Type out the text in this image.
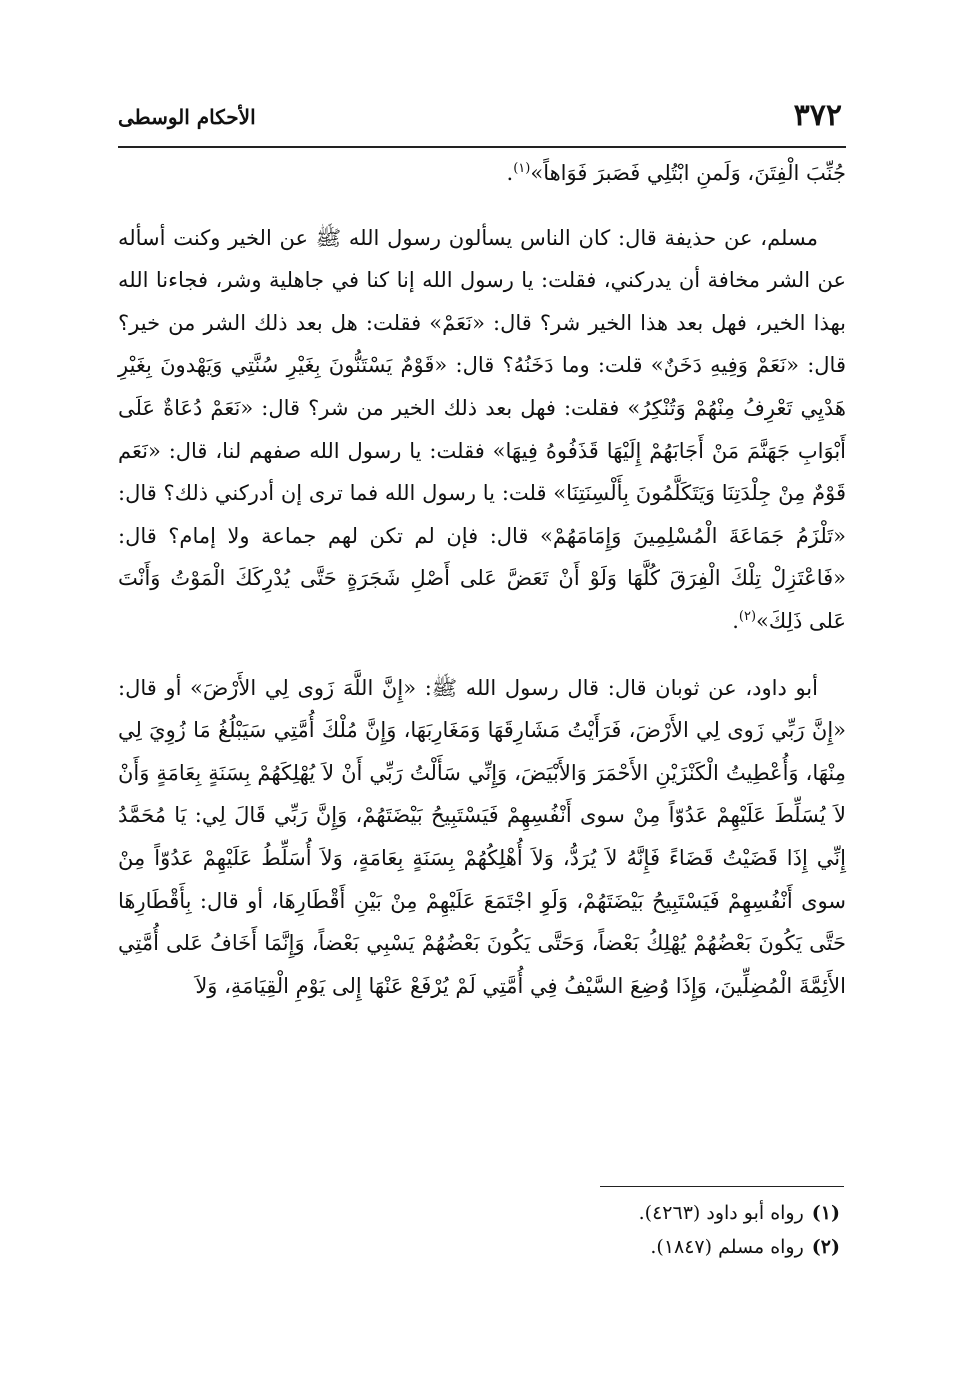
٣٧٢
الأحكام الوسطى

جُنِّبَ الْفِتَنَ، وَلَمنِ ابْتُلِي فَصَبرَ فَوَاهاً»$^{(١)}$.

مسلم، عن حذيفة قال: كان الناس يسألون رسول الله ﷺ عن الخير وكنت أسأله عن الشر مخافة أن يدركني، فقلت: يا رسول الله إنا كنا في جاهلية وشر، فجاءنا الله بهذا الخير، فهل بعد هذا الخير شر؟ قال: «نَعَمْ» فقلت: هل بعد ذلك الشر من خير؟ قال: «نَعَمْ وَفِيهِ دَخَنٌ» قلت: وما دَخَنُهُ؟ قال: «قَوْمٌ يَسْتَنُّونَ بِغَيْرِ سُنَّتِي وَيَهْدونَ بِغَيْرِ هَدْيِي تَعْرِفُ مِنْهُمْ وَتُنْكِرُ» فقلت: فهل بعد ذلك الخير من شر؟ قال: «نَعَمْ دُعَاةٌ عَلَى أَبْوَابِ جَهَنَّمَ مَنْ أَجَابَهُمْ إِلَيْهَا قَذَفُوهُ فِيهَا» فقلت: يا رسول الله صفهم لنا، قال: «نَعَم قَوْمٌ مِنْ جِلْدَتِنَا وَيَتَكَلَّمُونَ بِأَلْسِنَتِنَا» قلت: يا رسول الله فما ترى إن أدركني ذلك؟ قال: «تَلْزَمُ جَمَاعَةَ الْمُسْلِمِينَ وَإِمَامَهُمْ» قال: فإن لم تكن لهم جماعة ولا إمام؟ قال: «فَاعْتَزِلْ تِلْكَ الْفِرَقَ كُلَّهَا وَلَوْ أَنْ تَعَضَّ عَلى أَصْلِ شَجَرَةٍ حَتَّى يُدْرِكَكَ الْمَوْتُ وَأَنْتَ عَلى ذَلِكَ»$^{(٢)}$.

أبو داود، عن ثوبان قال: قال رسول الله ﷺ: «إِنَّ اللَّهَ زَوى لِي الأَرْضَ» أو قال: «إِنَّ رَبِّي زَوى لِي الأَرْضَ، فَرَأَيْتُ مَشَارِقَهَا وَمَغَارِبَهَا، وَإِنَّ مُلْكَ أُمَّتِي سَيَبْلُغُ مَا زُوِيَ لِي مِنْهَا، وَأُعْطِيتُ الْكَنْزَيْنِ الأَحْمَرَ وَالأَبْيَضَ، وَإِنِّي سَأَلْتُ رَبِّي أَنْ لاَ يُهْلِكَهُمْ بِسَنَةٍ بِعَامَةٍ وَأَنْ لاَ يُسَلِّطَ عَلَيْهِمْ عَدُوّاً مِنْ سوى أَنْفُسِهِمْ فَيَسْتَبِيحُ بَيْضَتَهُمْ، وَإِنَّ رَبِّي قَالَ لِي: يَا مُحَمَّدُ إِنِّي إِذَا قَضَيْتُ قَضَاءً فَإِنَّهُ لاَ يُرَدُّ، وَلاَ أُهْلِكُهُمْ بِسَنَةٍ بِعَامَةٍ، وَلاَ أُسَلِّطُ عَلَيْهِمْ عَدُوّاً مِنْ سوى أَنْفُسِهِمْ فَيَسْتَبِيحُ بَيْضَتَهُمْ، وَلَوِ اجْتَمَعَ عَلَيْهِمْ مِنْ بَيْنِ أَقْطَارِهَا، أو قال: بِأَقْطَارِهَا حَتَّى يَكُونَ بَعْضُهُمْ يُهْلِكُ بَعْضاً، وَحَتَّى يَكُونَ بَعْضُهُمْ يَسْبِي بَعْضاً، وَإِنَّمَا أَخَافُ عَلى أُمَّتِي الأَئِمَّةَ الْمُضِلِّينَ، وَإِذَا وُضِعَ السَّيْفُ فِي أُمَّتِي لَمْ يُرْفَعْ عَنْهَا إِلى يَوْمِ الْقِيَامَةِ، وَلاَ

(١)رواه أبو داود (٤٢٦٣).

(٢)رواه مسلم (١٨٤٧).
